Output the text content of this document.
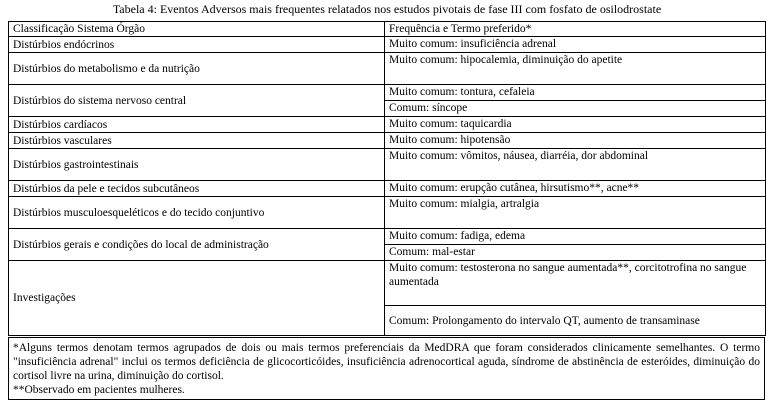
Tabela 4: Eventos Adversos mais frequentes relatados nos estudos pivotais de fase III com fosfato de osilodrostate
Classificação Sistema Órgão	Frequência e Termo preferido*
Distúrbios endócrinos	Muito comum: insuficiência adrenal
Distúrbios do metabolismo e da nutrição	Muito comum: hipocalemia, diminuição do apetite
Distúrbios do sistema nervoso central	Muito comum: tontura, cefaleia
	Comum: síncope
Distúrbios cardíacos	Muito comum: taquicardia
Distúrbios vasculares	Muito comum: hipotensão
Distúrbios gastrointestinais	Muito comum: vômitos, náusea, diarréia, dor abdominal
Distúrbios da pele e tecidos subcutâneos	Muito comum: erupção cutânea, hirsutismo**, acne**
Distúrbios musculoesqueléticos e do tecido conjuntivo	Muito comum: mialgia, artralgia
Distúrbios gerais e condições do local de administração	Muito comum: fadiga, edema
	Comum: mal-estar
Investigações	Muito comum: testosterona no sangue aumentada**, corcitotrofina no sangue aumentada
	Comum: Prolongamento do intervalo QT, aumento de transaminase

*Alguns termos denotam termos agrupados de dois ou mais termos preferenciais da MedDRA que foram considerados clinicamente semelhantes. O termo "insuficiência adrenal" inclui os termos deficiência de glicocorticóides, insuficiência adrenocortical aguda, síndrome de abstinência de esteróides, diminuição do cortisol livre na urina, diminuição do cortisol.

**Observado em pacientes mulheres.
